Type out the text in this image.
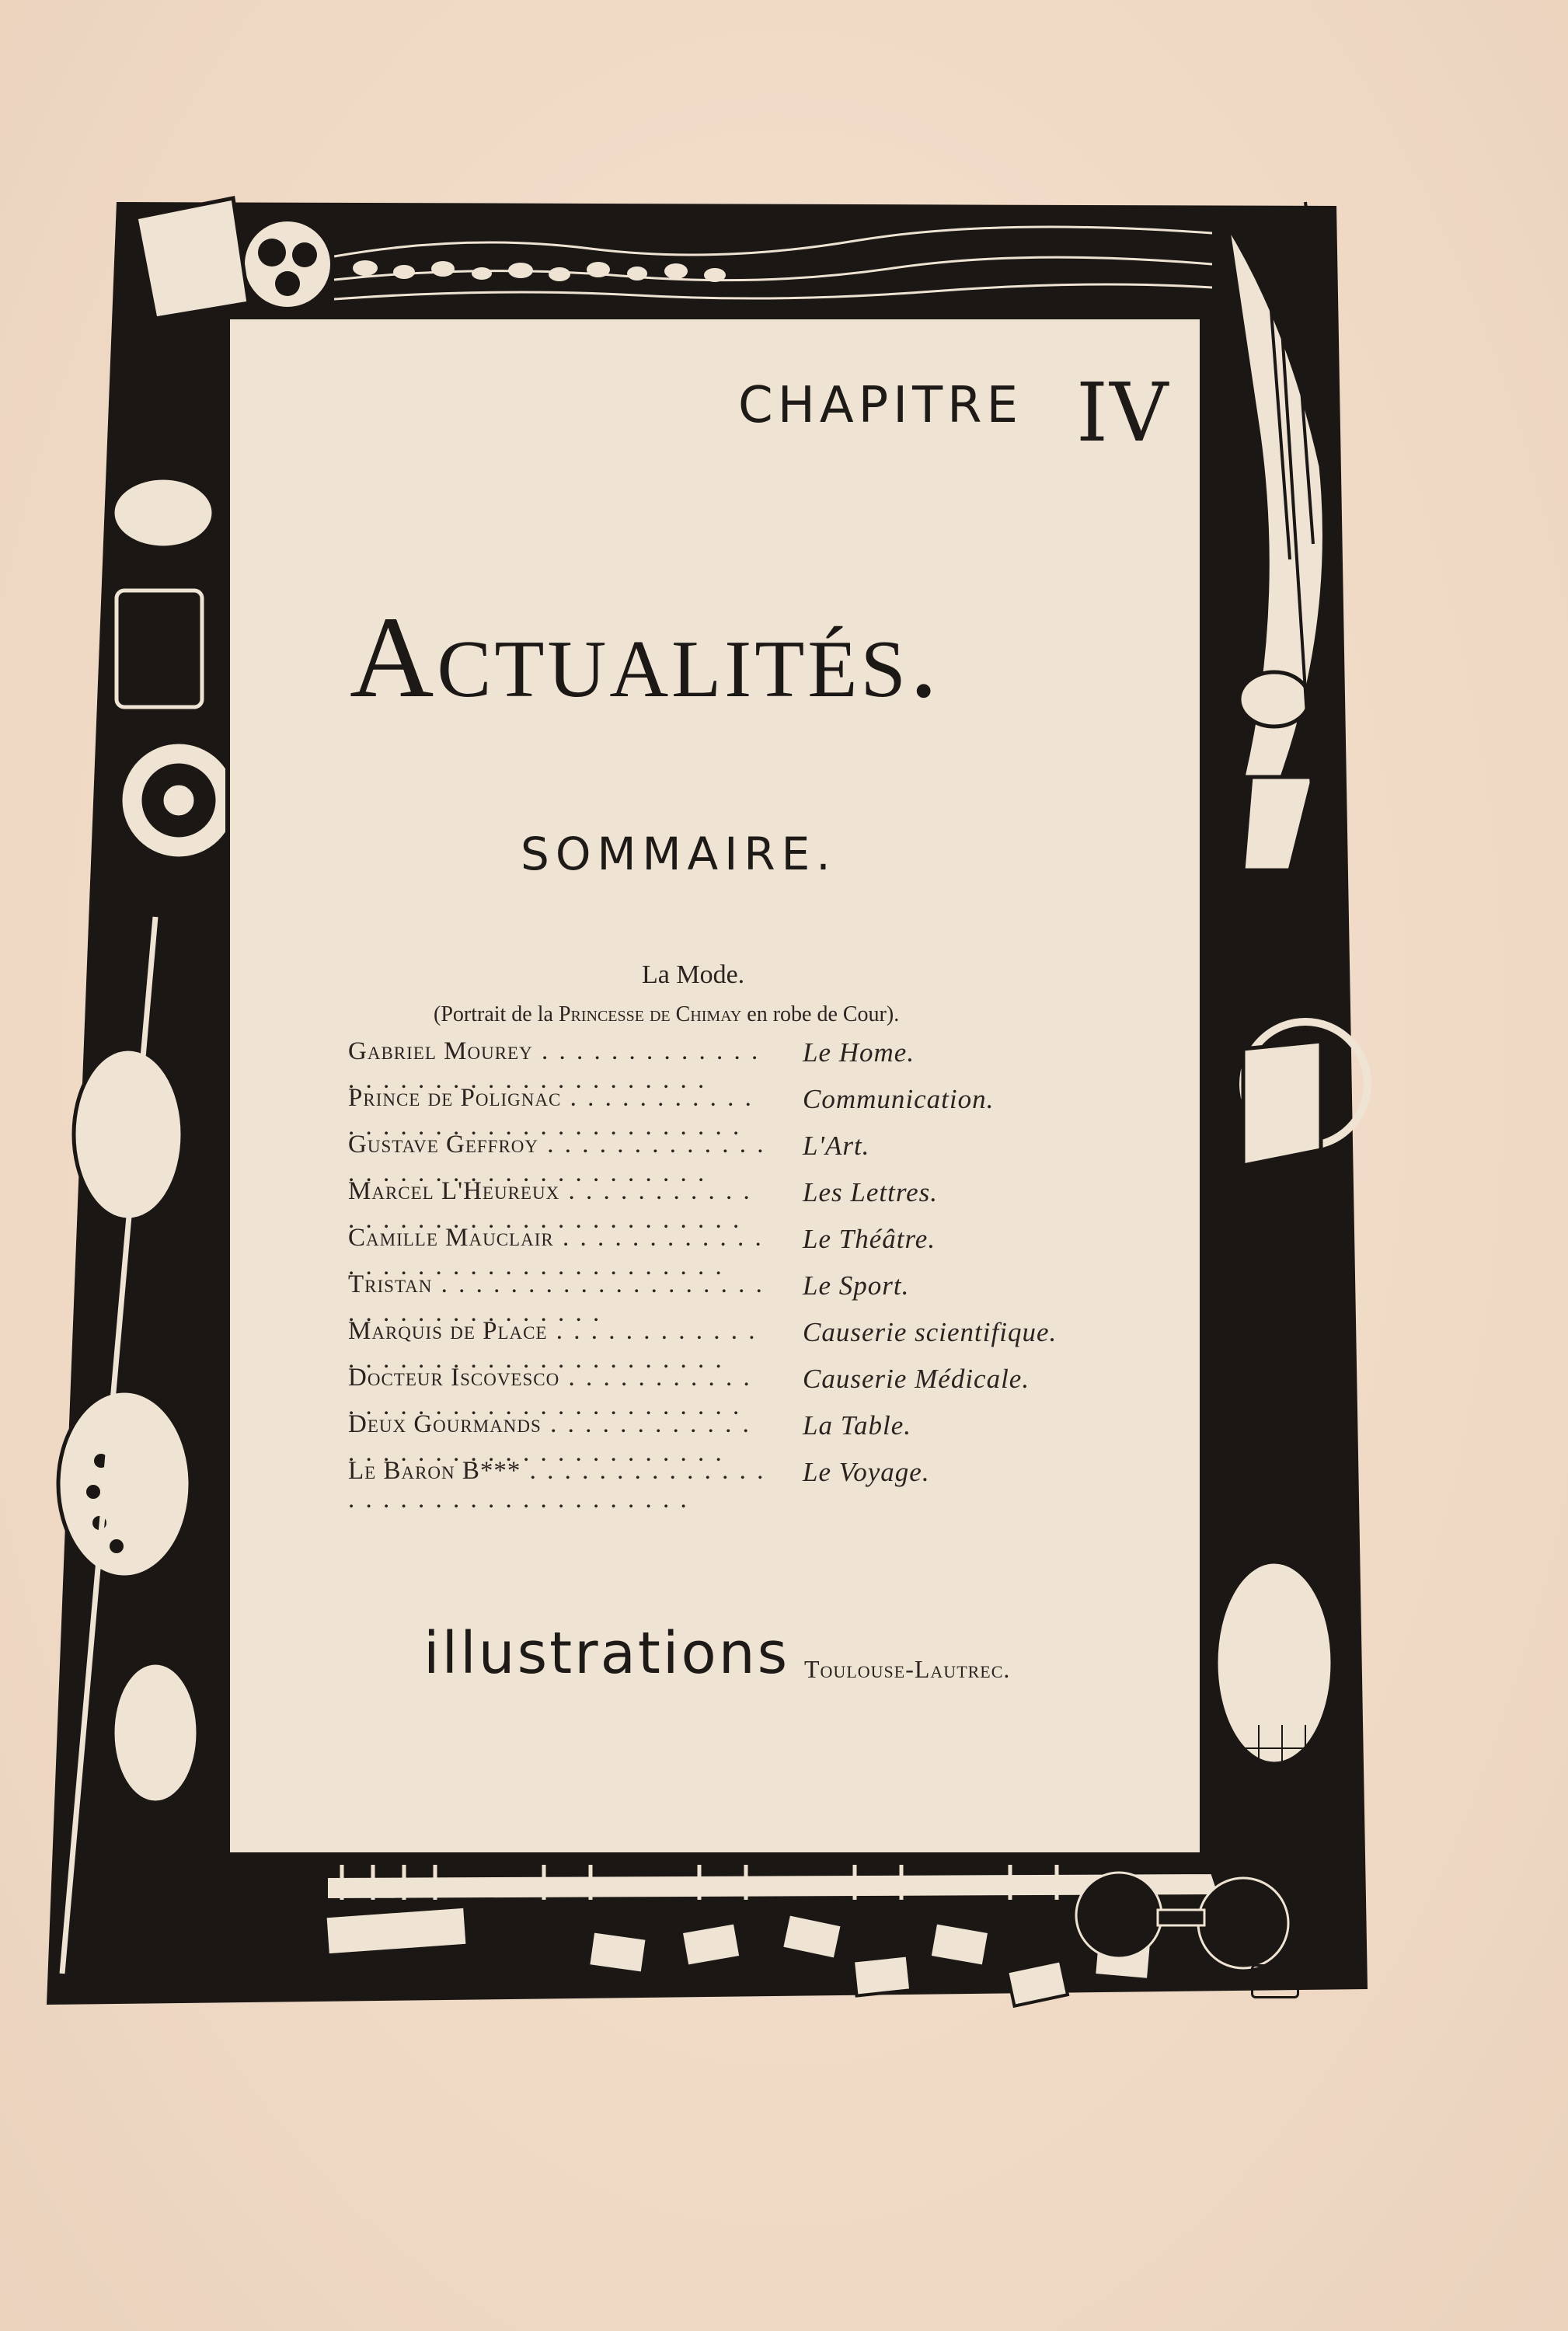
CHAPITRE IV
Actualités.
SOMMAIRE.
La Mode.
(Portrait de la Princesse de Chimay en robe de Cour).
Gabriel Mourey . . .	Le Home.
Prince de Polignac . . .	Communication.
Gustave Geffroy . . .	L'Art.
Marcel L'Heureux . . .	Les Lettres.
Camille Mauclair . . .	Le Théâtre.
Tristan . . .	Le Sport.
Marquis de Place . . .	Causerie scientifique.
Docteur Iscovesco . . .	Causerie Médicale.
Deux Gourmands . . .	La Table.
Le Baron B*** . . .	Le Voyage.
illustrations Toulouse-Lautrec.
FV
